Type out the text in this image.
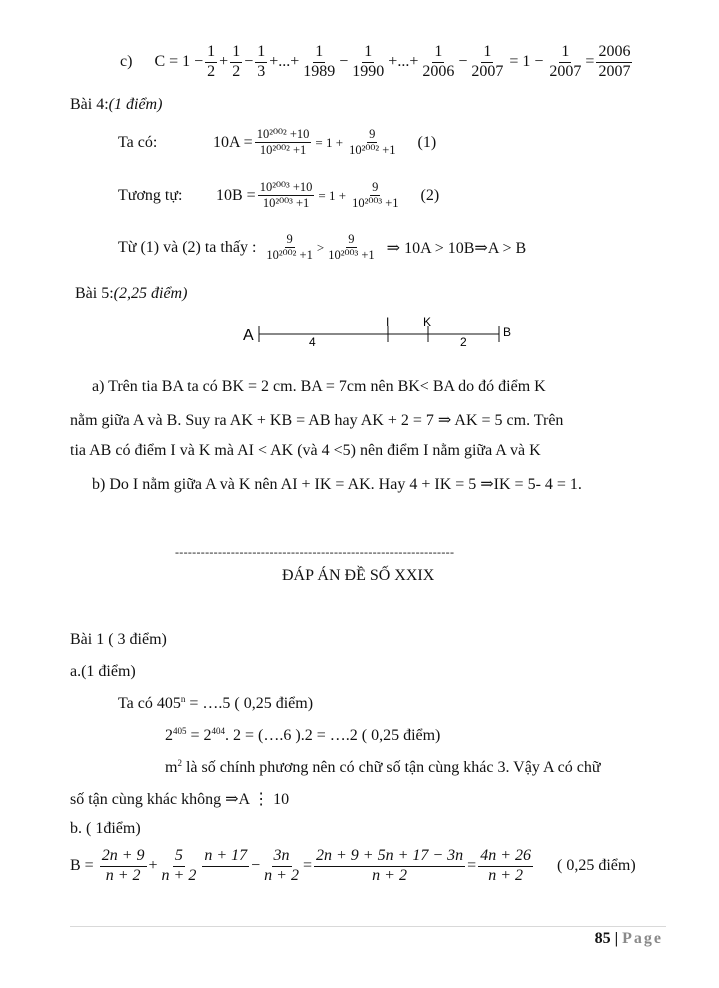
c) $C = 1 - \frac{1}{2} + \frac{1}{2} - \frac{1}{3}$ +...+ $\frac{1}{1989} - \frac{1}{1990}$ +...+ $\frac{1}{2006} - \frac{1}{2007} = 1 - \frac{1}{2007} = \frac{2006}{2007}$
Bài 4:(1 điểm)
Ta có:	$10A = \frac{\text{10²⁰⁰² +10}}{\text{10²⁰⁰² +1}} = 1 + \frac{9}{\text{10²⁰⁰² +1}} (1)$
Tương tự:	$10B = \frac{\text{10²⁰⁰³ +10}}{\text{10²⁰⁰³ +1}} = 1 + \frac{9}{\text{10²⁰⁰³ +1}} (2)$
Từ (1) và (2) ta thấy : $\frac{9}{\text{10²⁰⁰² +1}} > \frac{9}{\text{10²⁰⁰³ +1}}$ ⇒ 10A > 10B⇒A > B
Bài 5:(2,25 điểm)
A
I	K
B
4	2
a) Trên tia BA ta có BK = 2 cm. BA = 7cm nên BK< BA do đó điểm K
nằm giữa A và B. Suy ra AK + KB = AB hay AK + 2 = 7 ⇒ AK = 5 cm. Trên
tia AB có điểm I và K mà AI < AK (và 4 <5) nên điểm I nằm giữa A và K
b) Do I nằm giữa A và K nên AI + IK = AK. Hay 4 + IK = 5 ⇒IK = 5- 4 = 1.
-----------------------------------------------------------------
ĐÁP ÁN ĐỀ SỐ XXIX
Bài 1 ( 3 điểm)
a.(1 điểm)
Ta có $405^n$ = ….5 ( 0,25 điểm)
$2^{405} = 2^{404}$. 2 = (….6 ).2 = ….2 ( 0,25 điểm)
$m^2$ là số chính phương nên có chữ số tận cùng khác 3. Vậy A có chữ
số tận cùng khác không ⇒A ⋮ 10
b. ( 1điểm)
$B = \frac{2n + 9}{n + 2} + \frac{5}{n + 2}$ n + 17
− $\frac{3n}{n + 2} = \frac{2n + 9 + 5n + 17 - 3n}{n + 2} = \frac{4n + 26}{n + 2}$ ( 0,25 điểm)
85 | Page
